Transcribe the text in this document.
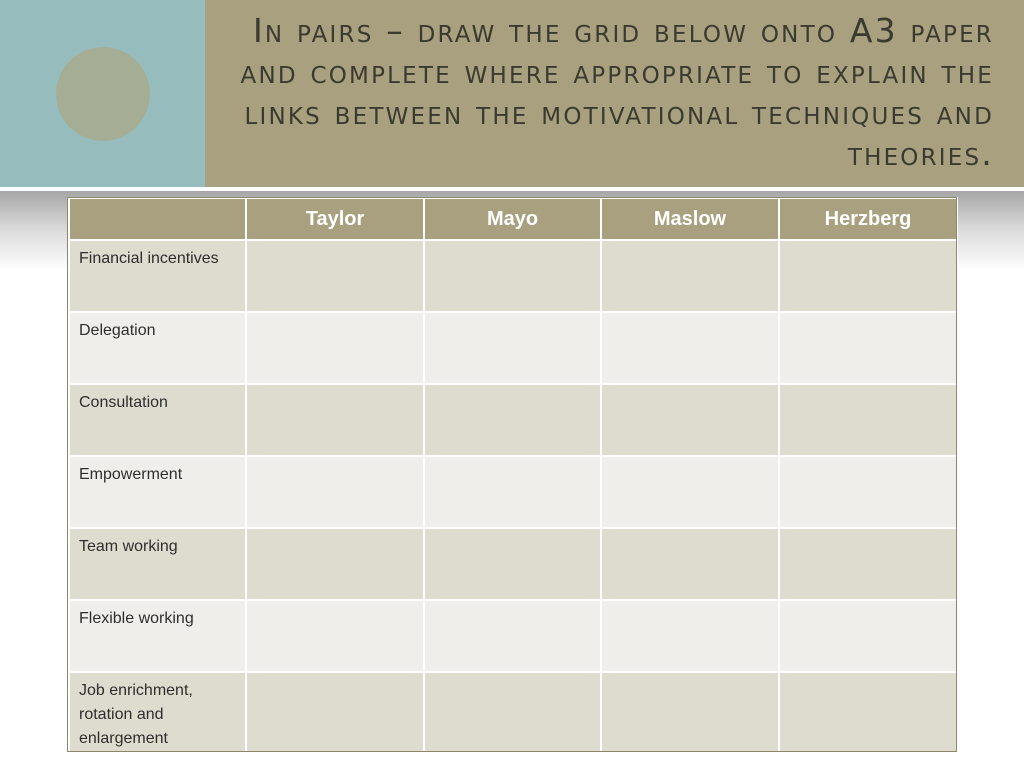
In pairs – draw the grid below onto A3 paper and complete where appropriate to explain the links between the motivational techniques and theories.
	Taylor	Mayo	Maslow	Herzberg
Financial incentives				
Delegation				
Consultation				
Empowerment				
Team working				
Flexible working				
Job enrichment, rotation and enlargement				
